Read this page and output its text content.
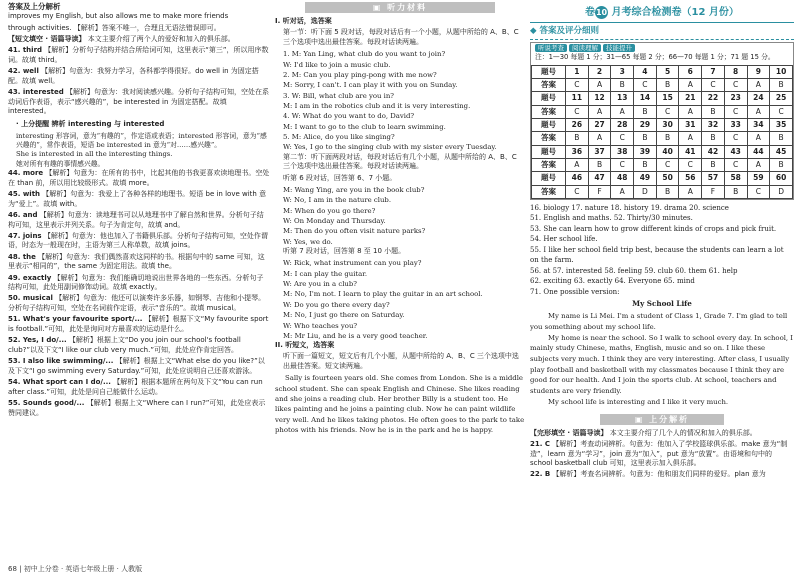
答案及上分解析
improves my English, but also allows me to make more friends
through activities. 【解析】答案不唯一，合理且无语法错误即可。
【短文填空 · 语篇导读】 本文主要介绍了两个人的爱好和加入的俱乐部。
41. third 【解析】分析句子结构并结合所给词可知，这里表示“第三”，所以用序数词。故填 third。
42. well 【解析】句意为：我努力学习，各科都学得很好。do well in 为固定搭配。故填 well。
43. interested 【解析】句意为：我对阅读感兴趣。分析句子结构可知，空处在系动词后作表语，表示“感兴趣的”，be interested in 为固定搭配。故填 interested。
· 上分提醒 辨析 interesting 与 interested
interesting 形容词，意为“有趣的”，作定语或表语；interested 形容词，意为“感兴趣的”，常作表语，短语 be interested in 意为“对……感兴趣”。
She is interested in all the interesting things.
她对所有有趣的事情感兴趣。
44. more 【解析】句意为：在所有的书中，比起其他的书我更喜欢读地理书。空处在 than 前，所以用比较级形式。故填 more。
45. with 【解析】句意为：我爱上了各种各样的地理书。短语 be in love with 意为“爱上”。故填 with。
46. and 【解析】句意为：读地理书可以从地理书中了解自然和世界。分析句子结构可知，这里表示并列关系。句子为肯定句，故填 and。
47. joins 【解析】句意为：他也加入了书籍俱乐部。分析句子结构可知，空处作谓语，时态为一般现在时，主语为第三人称单数，故填 joins。
48. the 【解析】句意为：我们偶然喜欢这同样的书。根据句中的 same 可知，这里表示“相同的”，the same 为固定用法。故填 the。
49. exactly 【解析】句意为：我们能确切地说出世界各地的一些东西。分析句子结构可知，此处用副词修饰动词。故填 exactly。
50. musical 【解析】句意为：他还可以演奏许多乐器，如钢琴、吉他和小提琴。分析句子结构可知，空处在名词前作定语，表示“音乐的”。故填 musical。
51. What's your favourite sport/... 【解析】根据下文“My favourite sport is football.”可知，此处是询问对方最喜欢的运动是什么。
52. Yes, I do/... 【解析】根据上文“Do you join our school's football club?”以及下文“I like our club very much.”可知，此处应作肯定回答。
53. I also like swimming/... 【解析】根据上文“What else do you like?”以及下文“I go swimming every Saturday.”可知，此处应说明自己还喜欢游泳。
54. What sport can I do/... 【解析】根据本题所在两句及下文“You can run after class.”可知，此处是问自己能做什么运动。
55. Sounds good/... 【解析】根据上文“Where can I run?”可知，此处应表示赞同建议。
68 | 初中上分卷 · 英语七年级上册 · 人教版
▣ 听力材料
I. 听对话，选答案
第一节：听下面 5 段对话，每段对话后有一个小题，从题中所给的 A、B、C 三个选项中选出最佳答案。每段对话读两遍。
1. M: Yan Ling, what club do you want to join?
W: I'd like to join a music club.
2. M: Can you play ping-pong with me now?
M: Sorry, I can't. I can play it with you on Sunday.
3. W: Bill, what club are you in?
M: I am in the robotics club and it is very interesting.
4. W: What do you want to do, David?
M: I want to go to the club to learn swimming.
5. M: Alice, do you like singing?
W: Yes, I go to the singing club with my sister every Tuesday.
第二节：听下面两段对话，每段对话后有几个小题，从题中所给的 A、B、C 三个选项中选出最佳答案。每段对话读两遍。
听第 6 段对话，回答第 6、7 小题。
M: Wang Ying, are you in the book club?
W: No, I am in the nature club.
M: When do you go there?
W: On Monday and Thursday.
M: Then do you often visit nature parks?
W: Yes, we do.
听第 7 段对话，回答第 8 至 10 小题。
W: Rick, what instrument can you play?
M: I can play the guitar.
W: Are you in a club?
M: No, I'm not. I learn to play the guitar in an art school.
W: Do you go there every day?
M: No, I just go there on Saturday.
W: Who teaches you?
M: Mr Liu, and he is a very good teacher.
II. 听短文，选答案
听下面一篇短文，短文后有几个小题，从题中所给的 A、B、C 三个选项中选出最佳答案。短文读两遍。
Sally is fourteen years old. She comes from London. She is a middle school student. She can speak English and Chinese. She likes reading and she joins a reading club. Her brother Billy is a student too. He likes painting and he joins a painting club. Now he can paint wildlife very well. And he likes taking photos. He often goes to the park to take photos with his friends. Now he is in the park and he is happy.
卷10 月考综合检测卷（12 月份）
◆ 答案及评分细则
听说考查 阅读理解 技能提升
注：1—30 每题 1 分；31—65 每题 2 分；66—70 每题 1 分；71 题 15 分。
题号	1	2	3	4	5	6	7	8	9	10
答案	C	A	B	C	B	A	C	C	A	B
题号	11	12	13	14	15	21	22	23	24	25
答案	C	A	A	B	C	A	B	C	A	C
题号	26	27	28	29	30	31	32	33	34	35
答案	B	A	C	B	B	A	B	C	A	B
题号	36	37	38	39	40	41	42	43	44	45
答案	A	B	C	B	C	C	B	C	A	B
题号	46	47	48	49	50	56	57	58	59	60
答案	C	F	A	D	B	A	F	B	C	D
16. biology 17. nature 18. history 19. drama 20. science
51. English and maths. 52. Thirty/30 minutes.
53. She can learn how to grow different kinds of crops and pick fruit.
54. Her school life.
55. I like her school field trip best, because the students can learn a lot on the farm.
56. at 57. interested 58. feeling 59. club 60. them 61. help
62. exciting 63. exactly 64. Everyone 65. mind
71. One possible version:
My School Life

My name is Li Mei. I'm a student of Class 1, Grade 7. I'm glad to tell you something about my school life.

My home is near the school. So I walk to school every day. In school, I mainly study Chinese, maths, English, music and so on. I like these subjects very much. I think they are very interesting. After class, I usually play football and basketball with my classmates because I think they are good for our health. And I join the sports club. At school, teachers and students are very friendly.

My school life is interesting and I like it very much.

▣ 上分解析
【完形填空 · 语篇导读】 本文主要介绍了几个人的情况和加入的俱乐部。
21. C 【解析】考查动词辨析。句意为：他加入了学校篮球俱乐部。make 意为“制造”，learn 意为“学习”，join 意为“加入”，put 意为“放置”。由语境和句中的 school basketball club 可知，这里表示加入俱乐部。
22. B 【解析】考查名词辨析。句意为：他和朋友们同样的爱好。plan 意为
